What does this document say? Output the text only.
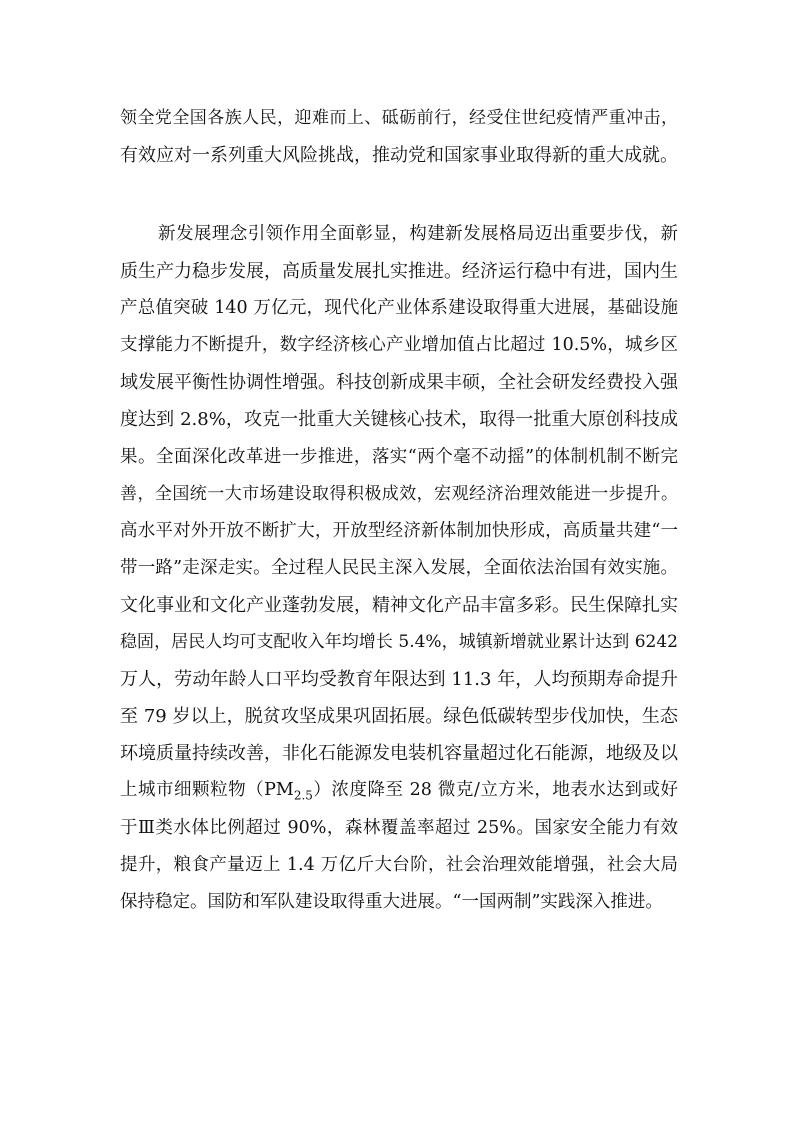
领全党全国各族人民，迎难而上、砥砺前行，经受住世纪疫情严重冲击，
有效应对一系列重大风险挑战，推动党和国家事业取得新的重大成就。
新发展理念引领作用全面彰显，构建新发展格局迈出重要步伐，新
质生产力稳步发展，高质量发展扎实推进。经济运行稳中有进，国内生
产总值突破 140 万亿元，现代化产业体系建设取得重大进展，基础设施
支撑能力不断提升，数字经济核心产业增加值占比超过 10.5%，城乡区
域发展平衡性协调性增强。科技创新成果丰硕，全社会研发经费投入强
度达到 2.8%，攻克一批重大关键核心技术，取得一批重大原创科技成
果。全面深化改革进一步推进，落实“两个毫不动摇”的体制机制不断完
善，全国统一大市场建设取得积极成效，宏观经济治理效能进一步提升。
高水平对外开放不断扩大，开放型经济新体制加快形成，高质量共建“一
带一路”走深走实。全过程人民民主深入发展，全面依法治国有效实施。
文化事业和文化产业蓬勃发展，精神文化产品丰富多彩。民生保障扎实
稳固，居民人均可支配收入年均增长 5.4%，城镇新增就业累计达到 6242
万人，劳动年龄人口平均受教育年限达到 11.3 年，人均预期寿命提升
至 79 岁以上，脱贫攻坚成果巩固拓展。绿色低碳转型步伐加快，生态
环境质量持续改善，非化石能源发电装机容量超过化石能源，地级及以
上城市细颗粒物$(PM_{2.5})$浓度降至 28 微克/立方米，地表水达到或好
于Ⅲ类水体比例超过 90%，森林覆盖率超过 25%。国家安全能力有效
提升，粮食产量迈上 1.4 万亿斤大台阶，社会治理效能增强，社会大局
保持稳定。国防和军队建设取得重大进展。“一国两制”实践深入推进。
